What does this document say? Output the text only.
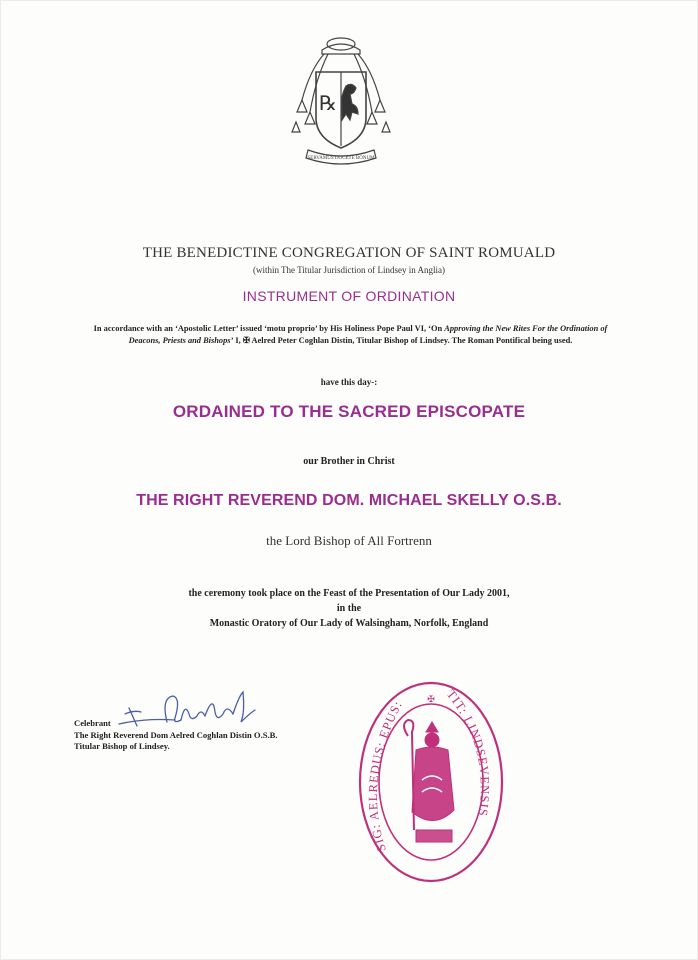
℞
SERVAMUS DOCETE BONUM
THE BENEDICTINE CONGREGATION OF SAINT ROMUALD
(within The Titular Jurisdiction of Lindsey in Anglia)
INSTRUMENT OF ORDINATION
In accordance with an ‘Apostolic Letter’ issued ‘motu proprio’ by His Holiness Pope Paul VI, ‘On Approving the New Rites For the Ordination of Deacons, Priests and Bishops’ I, ✠ Aelred Peter Coghlan Distin, Titular Bishop of Lindsey. The Roman Pontifical being used.
have this day-:
ORDAINED TO THE SACRED EPISCOPATE
our Brother in Christ
THE RIGHT REVEREND DOM. MICHAEL SKELLY O.S.B.
the Lord Bishop of All Fortrenn
the ceremony took place on the Feast of the Presentation of Our Lady 2001,
in the
Monastic Oratory of Our Lady of Walsingham, Norfolk, England
Celebrant
The Right Reverend Dom Aelred Coghlan Distin O.S.B.
Titular Bishop of Lindsey.
SIG: AELREDUS: EPUS:
TIT: LINDSEVENSIS
✠
